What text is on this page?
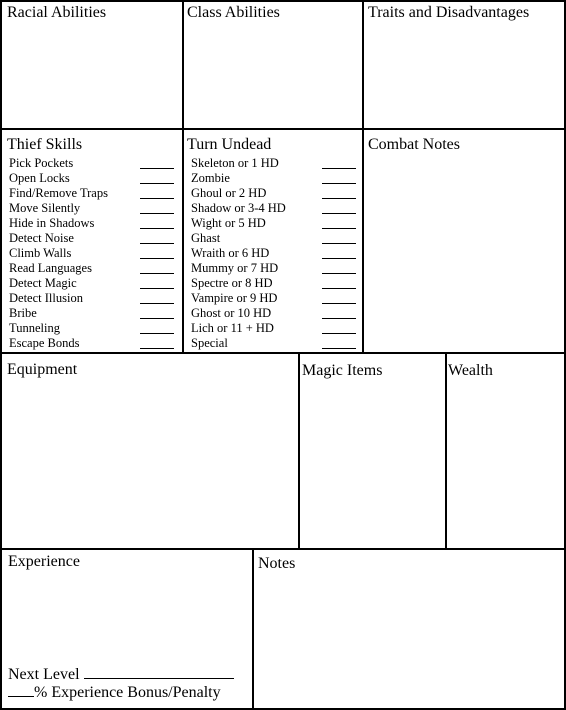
Racial Abilities	Class Abilities	Traits and Disadvantages
Thief Skills
Pick Pockets
Open Locks
Find/Remove Traps
Move Silently
Hide in Shadows
Detect Noise
Climb Walls
Read Languages
Detect Magic
Detect Illusion
Bribe
Tunneling
Escape Bonds
Turn Undead
Skeleton or 1 HD
Zombie
Ghoul or 2 HD
Shadow or 3-4 HD
Wight or 5 HD
Ghast
Wraith or 6 HD
Mummy or 7 HD
Spectre or 8 HD
Vampire or 9 HD
Ghost or 10 HD
Lich or 11 + HD
Special
Combat Notes
Equipment	Magic Items	Wealth
Experience
Next Level
% Experience Bonus/Penalty
Notes
